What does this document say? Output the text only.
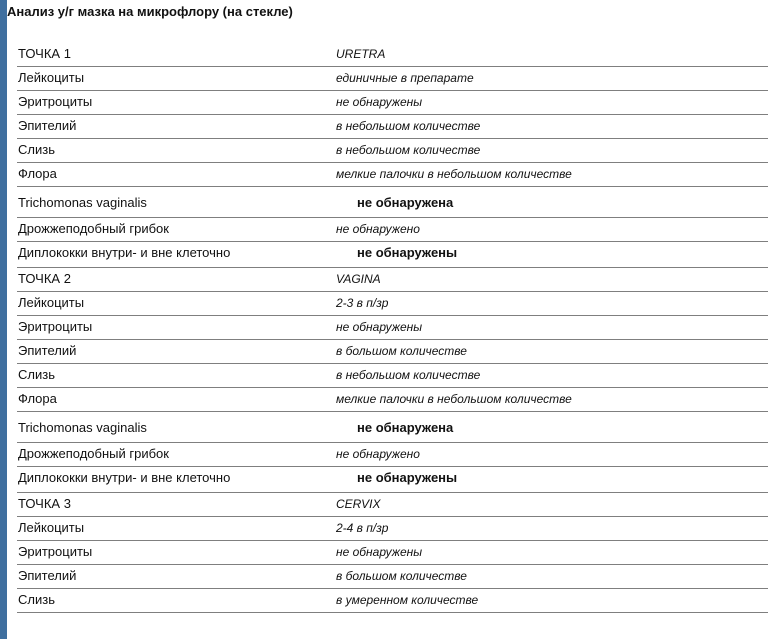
Анализ у/г мазка на микрофлору (на стекле)
ТОЧКА 1	URETRA
Лейкоциты	единичные в препарате
Эритроциты	не обнаружены
Эпителий	в небольшом количестве
Слизь	в небольшом количестве
Флора	мелкие палочки в небольшом количестве
Trichomonas vaginalis	не обнаружена
Дрожжеподобный грибок	не обнаружено
Диплококки внутри- и вне клеточно	не обнаружены
ТОЧКА 2	VAGINA
Лейкоциты	2-3 в п/зр
Эритроциты	не обнаружены
Эпителий	в большом количестве
Слизь	в небольшом количестве
Флора	мелкие палочки в небольшом количестве
Trichomonas vaginalis	не обнаружена
Дрожжеподобный грибок	не обнаружено
Диплококки внутри- и вне клеточно	не обнаружены
ТОЧКА 3	CERVIX
Лейкоциты	2-4 в п/зр
Эритроциты	не обнаружены
Эпителий	в большом количестве
Слизь	в умеренном количестве
